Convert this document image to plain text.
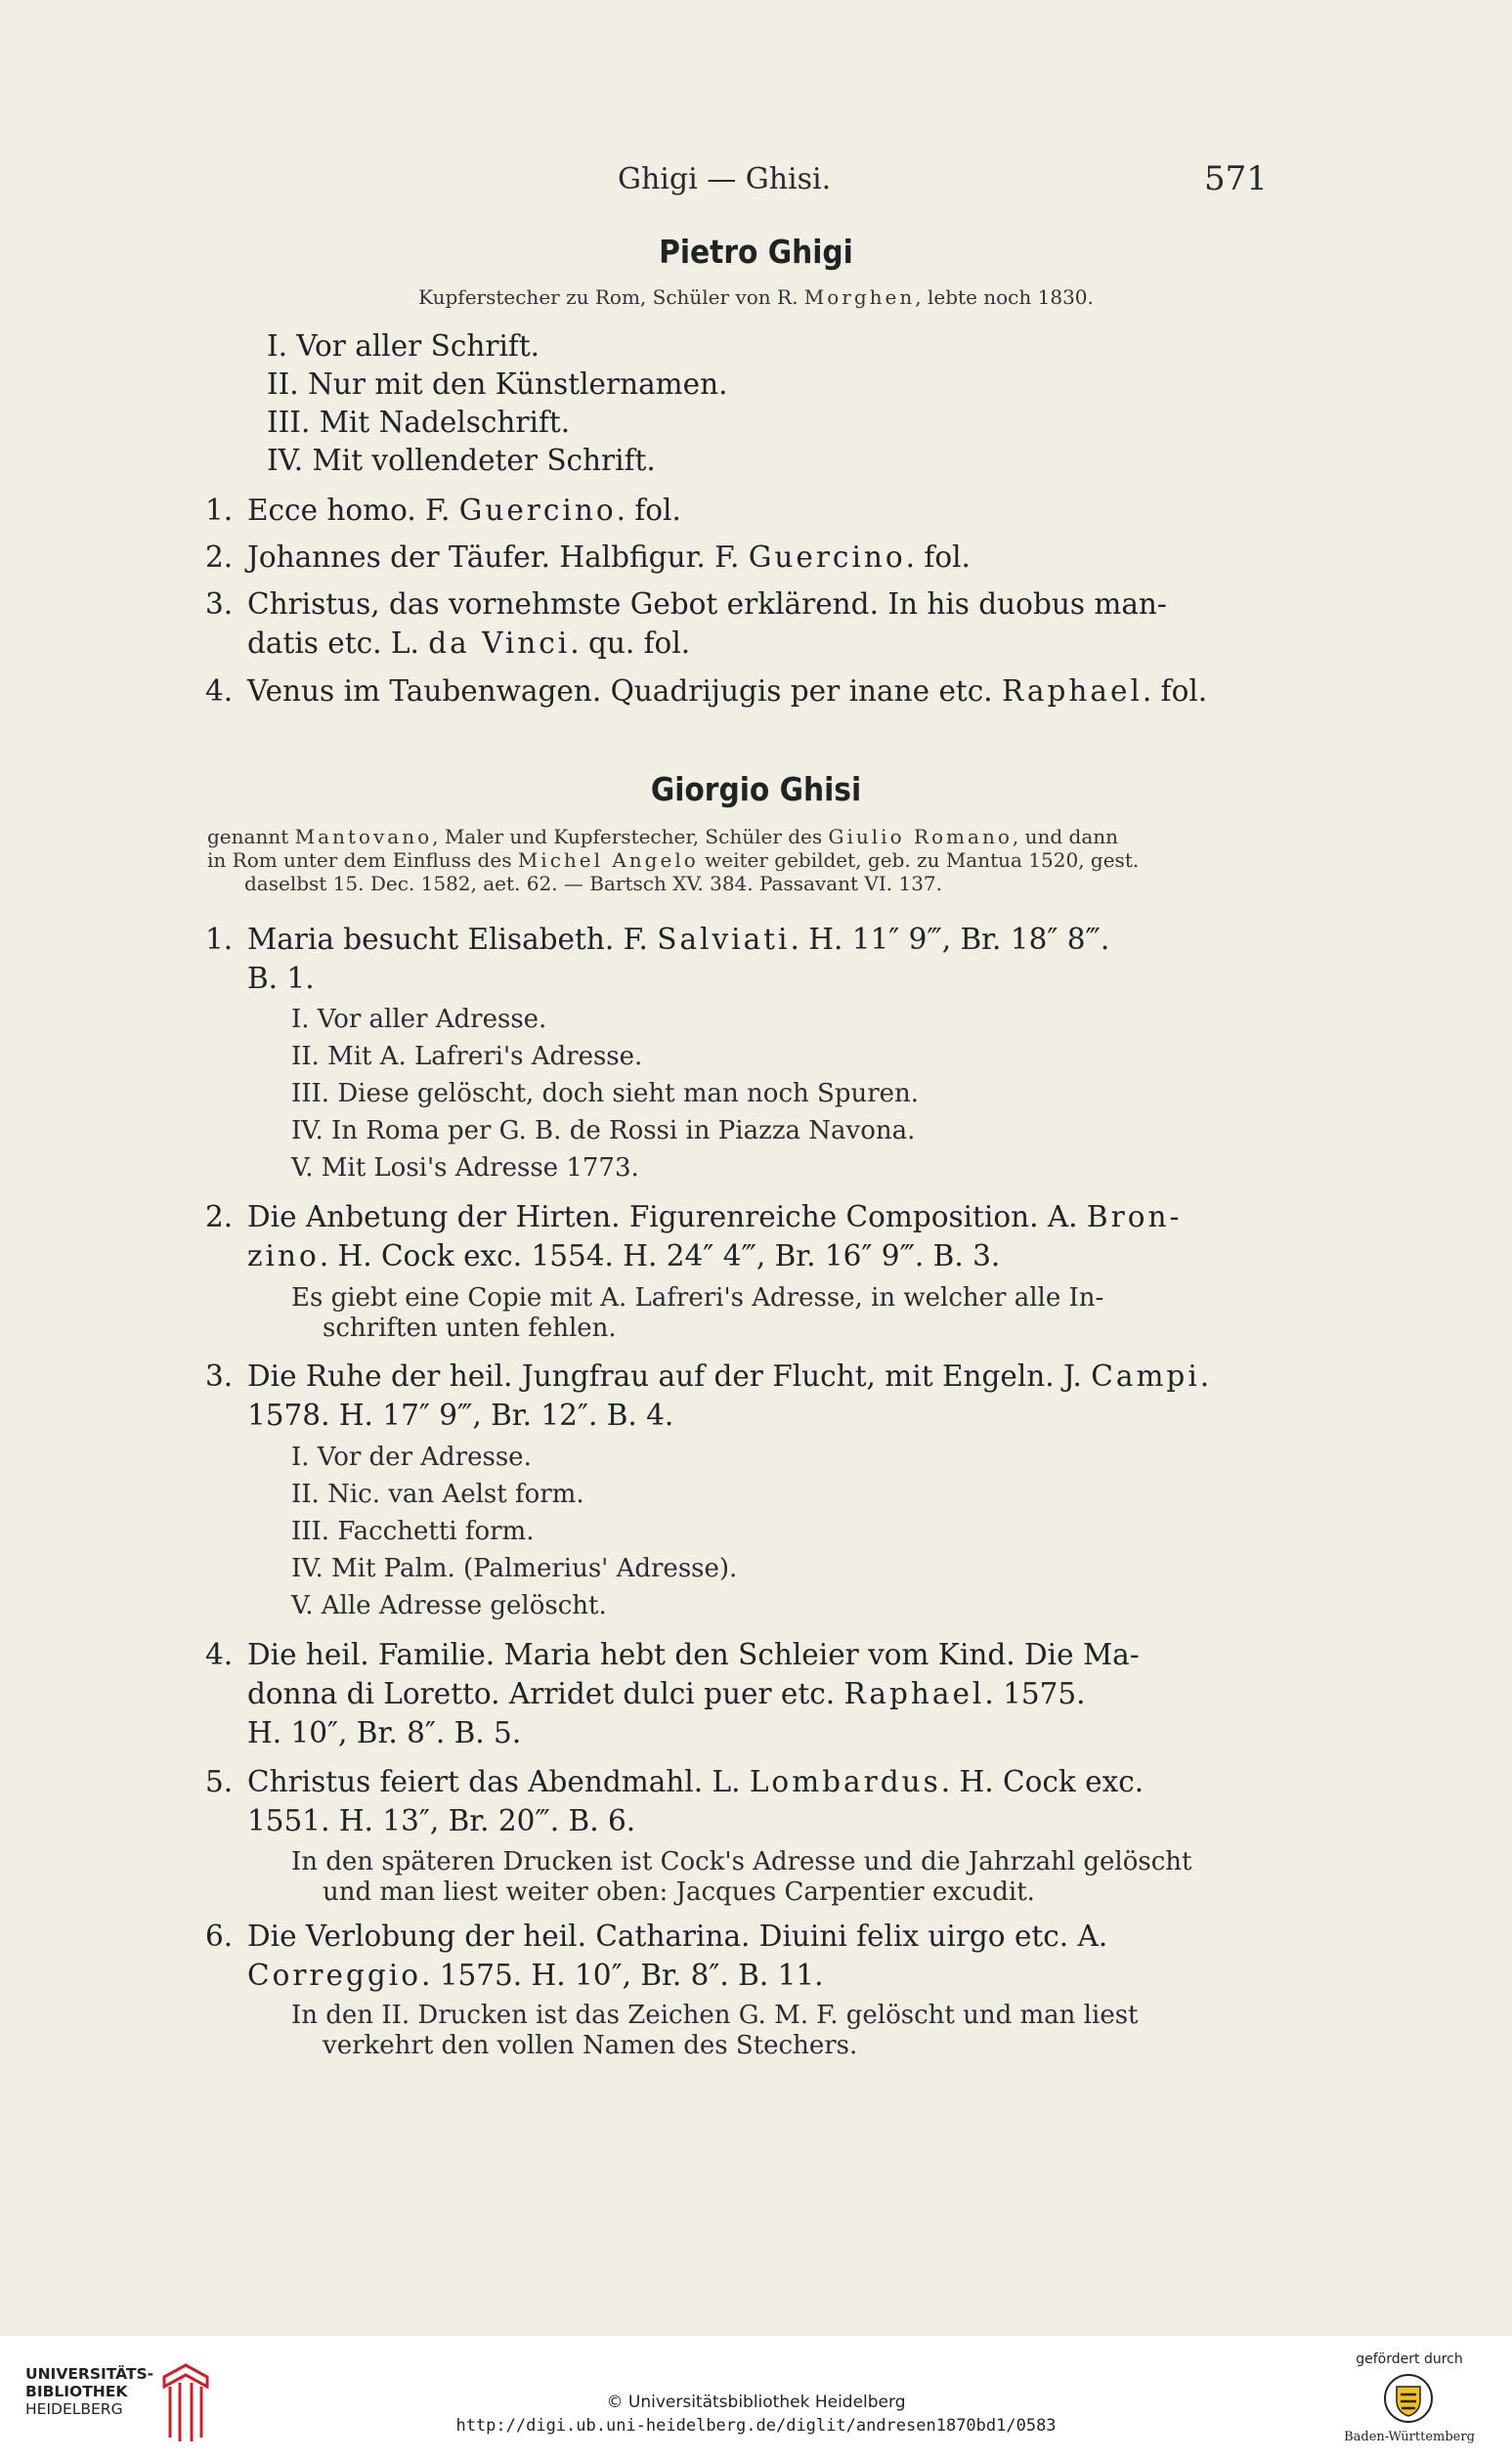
Ghigi — Ghisi.	571
Pietro Ghigi
Kupferstecher zu Rom, Schüler von R. Morghen, lebte noch 1830.
I. Vor aller Schrift.
II. Nur mit den Künstlernamen.
III. Mit Nadelschrift.
IV. Mit vollendeter Schrift.
1. Ecce homo. F. Guercino. fol.
2. Johannes der Täufer. Halbfigur. F. Guercino. fol.
3. Christus, das vornehmste Gebot erklärend. In his duobus man-
datis etc. L. da Vinci. qu. fol.
4. Venus im Taubenwagen. Quadrijugis per inane etc. Raphael. fol.
Giorgio Ghisi
genannt Mantovano, Maler und Kupferstecher, Schüler des Giulio Romano, und dann
in Rom unter dem Einfluss des Michel Angelo weiter gebildet, geb. zu Mantua 1520, gest.
daselbst 15. Dec. 1582, aet. 62. — Bartsch XV. 384. Passavant VI. 137.
1. Maria besucht Elisabeth. F. Salviati. H. 11″ 9‴, Br. 18″ 8‴.
B. 1.
I. Vor aller Adresse.
II. Mit A. Lafreri's Adresse.
III. Diese gelöscht, doch sieht man noch Spuren.
IV. In Roma per G. B. de Rossi in Piazza Navona.
V. Mit Losi's Adresse 1773.
2. Die Anbetung der Hirten. Figurenreiche Composition. A. Bron-
zino. H. Cock exc. 1554. H. 24″ 4‴, Br. 16″ 9‴. B. 3.
Es giebt eine Copie mit A. Lafreri's Adresse, in welcher alle In-
schriften unten fehlen.
3. Die Ruhe der heil. Jungfrau auf der Flucht, mit Engeln. J. Campi.
1578. H. 17″ 9‴, Br. 12″. B. 4.
I. Vor der Adresse.
II. Nic. van Aelst form.
III. Facchetti form.
IV. Mit Palm. (Palmerius' Adresse).
V. Alle Adresse gelöscht.
4. Die heil. Familie. Maria hebt den Schleier vom Kind. Die Ma-
donna di Loretto. Arridet dulci puer etc. Raphael. 1575.
H. 10″, Br. 8″. B. 5.
5. Christus feiert das Abendmahl. L. Lombardus. H. Cock exc.
1551. H. 13″, Br. 20‴. B. 6.
In den späteren Drucken ist Cock's Adresse und die Jahrzahl gelöscht
und man liest weiter oben: Jacques Carpentier excudit.
6. Die Verlobung der heil. Catharina. Diuini felix uirgo etc. A.
Correggio. 1575. H. 10″, Br. 8″. B. 11.
In den II. Drucken ist das Zeichen G. M. F. gelöscht und man liest
verkehrt den vollen Namen des Stechers.
UNIVERSITÄTS-
BIBLIOTHEK
HEIDELBERG	© Universitätsbibliothek Heidelberg
http://digi.ub.uni-heidelberg.de/diglit/andresen1870bd1/0583
gefördert durch
Baden-Württemberg
